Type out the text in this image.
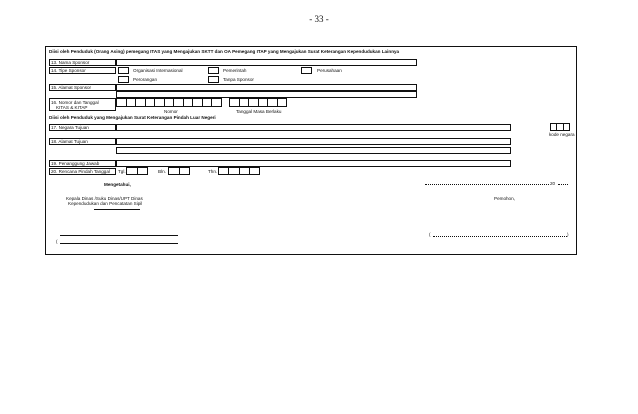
- 33 -
Diisi oleh Penduduk (Orang Asing) pemegang ITAS yang Mengajukan SKTT dan OA Pemegang ITAP yang Mengajukan Surat Keterangan Kependudukan Lainnya
13. Nama Sponsor
14. Tipe Sponsor	Organisasi Internasional	Pemerintah	Perusahaan
Perorangan	Tanpa Sponsor
15. Alamat Sponsor
16. Nomor dan Tanggal
KITAS & KITAP
Nomor	Tanggal Masa Berlaku
Diisi oleh Penduduk yang Mengajukan Surat Keterangan Pindah Luar Negeri
17. Negara Tujuan
kode negara
18. Alamat Tujuan
19. Penanggung Jawab
20. Rencana Pindah Tanggal	Tgl.	Bln.	Thn.
Mengetahui,
Kepala Dinas /Suku Dinas/UPT Dinas
Kependudukan dan Pencatatan Sipil
20
Pemohon,
(
(	)
